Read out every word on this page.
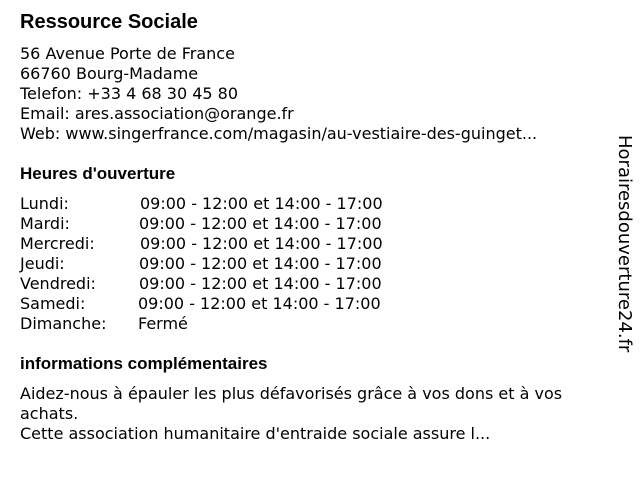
Ressource Sociale
56 Avenue Porte de France
66760 Bourg-Madame
Telefon: +33 4 68 30 45 80
Email: ares.association@orange.fr
Web: www.singerfrance.com/magasin/au-vestiaire-des-guinget...
Heures d'ouverture
Lundi:	09:00 - 12:00 et 14:00 - 17:00
Mardi:	09:00 - 12:00 et 14:00 - 17:00
Mercredi:	09:00 - 12:00 et 14:00 - 17:00
Jeudi:	09:00 - 12:00 et 14:00 - 17:00
Vendredi:	09:00 - 12:00 et 14:00 - 17:00
Samedi:	09:00 - 12:00 et 14:00 - 17:00
Dimanche: Fermé
informations complémentaires
Aidez-nous à épauler les plus défavorisés grâce à vos dons et à vos achats.
Cette association humanitaire d'entraide sociale assure l...
Horairesdouverture24.fr
